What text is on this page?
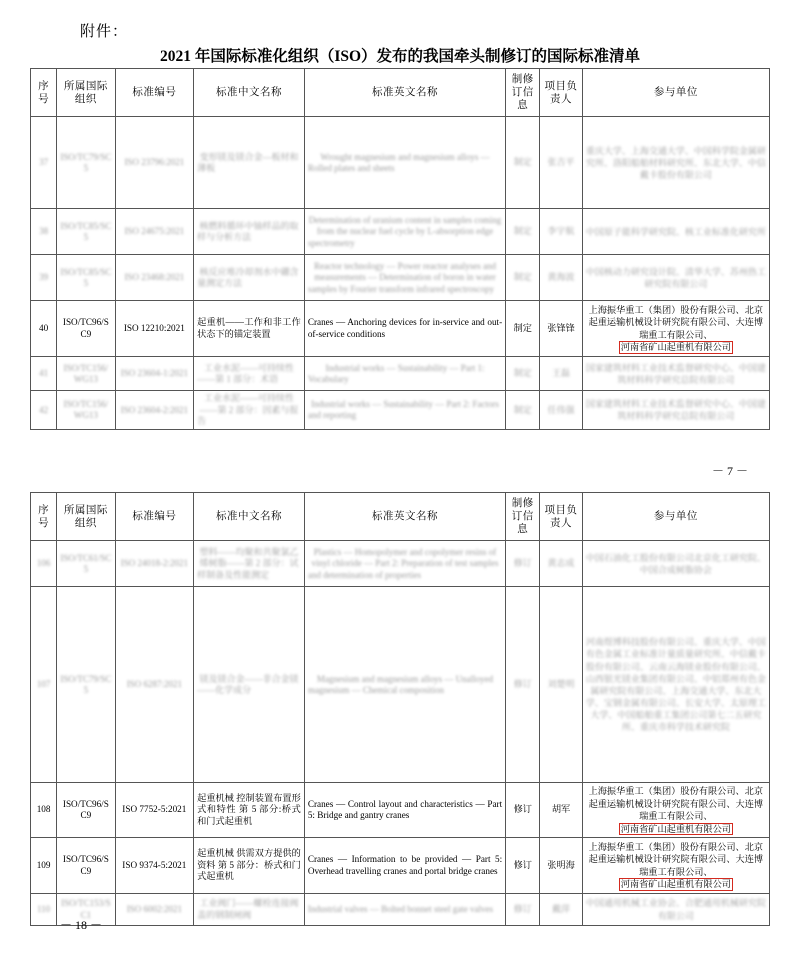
附件：
2021 年国际标准化组织（ISO）发布的我国牵头制修订的国际标准清单
序号	所属国际组织	标准编号	标准中文名称	标准英文名称	制修订信息	项目负责人	参与单位
37	ISO/TC79/SC5	ISO 23796:2021	变形镁及镁合金—板材和薄板	Wrought magnesium and magnesium alloys — Rolled plates and sheets	制定	张吉平	重庆大学、上海交通大学、中国科学院金属研究所、洛阳船舶材料研究所、东北大学、中信戴卡股份有限公司
38	ISO/TC85/SC5	ISO 24675:2021	核燃料循环中铀样品的取样与分析方法	Determination of uranium content in samples coming from the nuclear fuel cycle by L-absorption edge spectrometry	制定	李宇航	中国原子能科学研究院、核工业标准化研究所
39	ISO/TC85/SC5	ISO 23468:2021	核反应堆冷却剂水中硼含量测定方法	Reactor technology — Power reactor analyses and measurements — Determination of boron in water samples by Fourier transform infrared spectroscopy	制定	黄海波	中国核动力研究设计院、清华大学、苏州热工研究院有限公司
40	ISO/TC96/SC9	ISO 12210:2021	起重机——工作和非工作状态下的锚定装置	Cranes — Anchoring devices for in-service and out-of-service conditions	制定	张锋锋	上海振华重工（集团）股份有限公司、北京起重运输机械设计研究院有限公司、大连博瑞重工有限公司、河南省矿山起重机有限公司
41	ISO/TC156/WG13	ISO 23604-1:2021	工业水泥——可持续性——第 1 部分：术语	Industrial works — Sustainability — Part 1: Vocabulary	制定	王磊	国家建筑材料工业技术监督研究中心、中国建筑材料科学研究总院有限公司
42	ISO/TC156/WG13	ISO 23604-2:2021	工业水泥——可持续性——第 2 部分：因素与报告	Industrial works — Sustainability — Part 2: Factors and reporting	制定	任伟强	国家建筑材料工业技术监督研究中心、中国建筑材料科学研究总院有限公司
－ 7 －
序号	所属国际组织	标准编号	标准中文名称	标准英文名称	制修订信息	项目负责人	参与单位
106	ISO/TC61/SC5	ISO 24018-2:2021	塑料——均聚和共聚氯乙烯树脂——第 2 部分：试样制备及性能测定	Plastics — Homopolymer and copolymer resins of vinyl chloride — Part 2: Preparation of test samples and determination of properties	修订	黄志成	中国石油化工股份有限公司北京化工研究院、中国合成树脂协会
107	ISO/TC79/SC5	ISO 6287:2021	镁及镁合金——非合金镁——化学成分	Magnesium and magnesium alloys — Unalloyed magnesium — Chemical composition	修订	刘楚明	河南煜博科技股份有限公司、重庆大学、中国有色金属工业标准计量质量研究所、中信戴卡股份有限公司、云南云海镁业股份有限公司、山西银光镁业集团有限公司、中铝郑州有色金属研究院有限公司、上海交通大学、东北大学、宝钢金属有限公司、长安大学、太原理工大学、中国船舶重工集团公司第七二五研究所、重庆市科学技术研究院
108	ISO/TC96/SC9	ISO 7752-5:2021	起重机械 控制装置布置形式和特性 第 5 部分:桥式和门式起重机	Cranes — Control layout and characteristics — Part 5: Bridge and gantry cranes	修订	胡军	上海振华重工（集团）股份有限公司、北京起重运输机械设计研究院有限公司、大连博瑞重工有限公司、河南省矿山起重机有限公司
109	ISO/TC96/SC9	ISO 9374-5:2021	起重机械 供需双方提供的资料 第 5 部分：桥式和门式起重机	Cranes — Information to be provided — Part 5: Overhead travelling cranes and portal bridge cranes	修订	张明海	上海振华重工（集团）股份有限公司、北京起重运输机械设计研究院有限公司、大连博瑞重工有限公司、河南省矿山起重机有限公司
110	ISO/TC153/SC1	ISO 6002:2021	工业阀门——螺栓连接阀盖的钢制闸阀	Industrial valves — Bolted bonnet steel gate valves	修订	戴萍	中国通用机械工业协会、合肥通用机械研究院有限公司
－ 18 －
